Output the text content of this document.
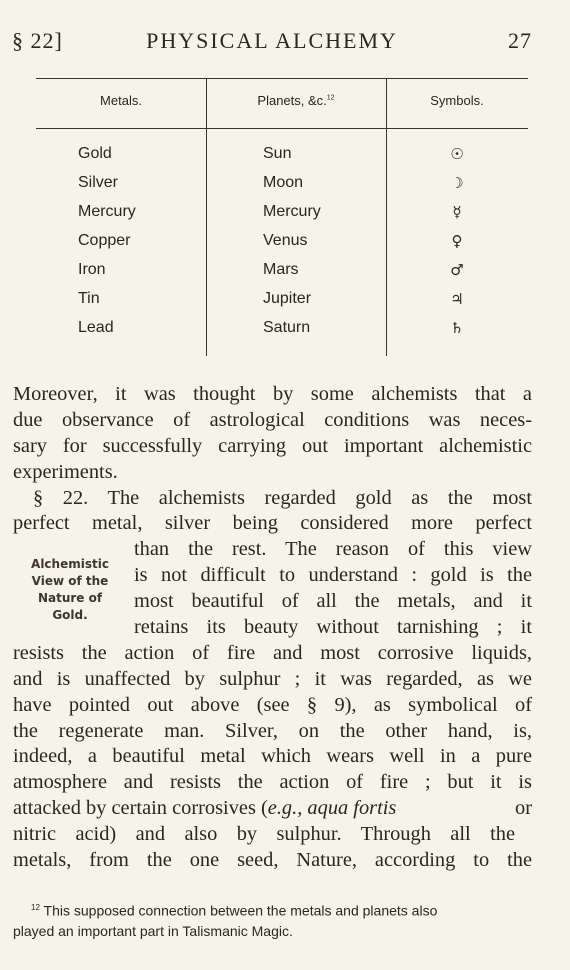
§ 22]	PHYSICAL ALCHEMY	27
Metals.	Planets, &c.$^{12}$	Symbols.
Gold	Sun	☉
Silver	Moon	☽
Mercury	Mercury	☿
Copper	Venus	♀
Iron	Mars	♂
Tin	Jupiter	♃
Lead	Saturn	♄
Moreover, it was thought by some alchemists that a
due observance of astrological conditions was neces-
sary for successfully carrying out important alchemistic
experiments.
§ 22. The alchemists regarded gold as the most
perfect metal, silver being considered more perfect
than the rest. The reason of this view
is not difficult to understand : gold is the
most beautiful of all the metals, and it
retains its beauty without tarnishing ; it
resists the action of fire and most corrosive liquids,
and is unaffected by sulphur ; it was regarded, as we
have pointed out above (see § 9), as symbolical of
the regenerate man. Silver, on the other hand, is,
indeed, a beautiful metal which wears well in a pure
atmosphere and resists the action of fire ; but it is
attacked by certain corrosives (e.g., aqua fortis	or
nitric acid) and also by sulphur. Through all the
metals, from the one seed, Nature, according to the
Alchemistic
View of the
Nature of
Gold.
$^{12}$ This supposed connection between the metals and planets also
played an important part in Talismanic Magic.
